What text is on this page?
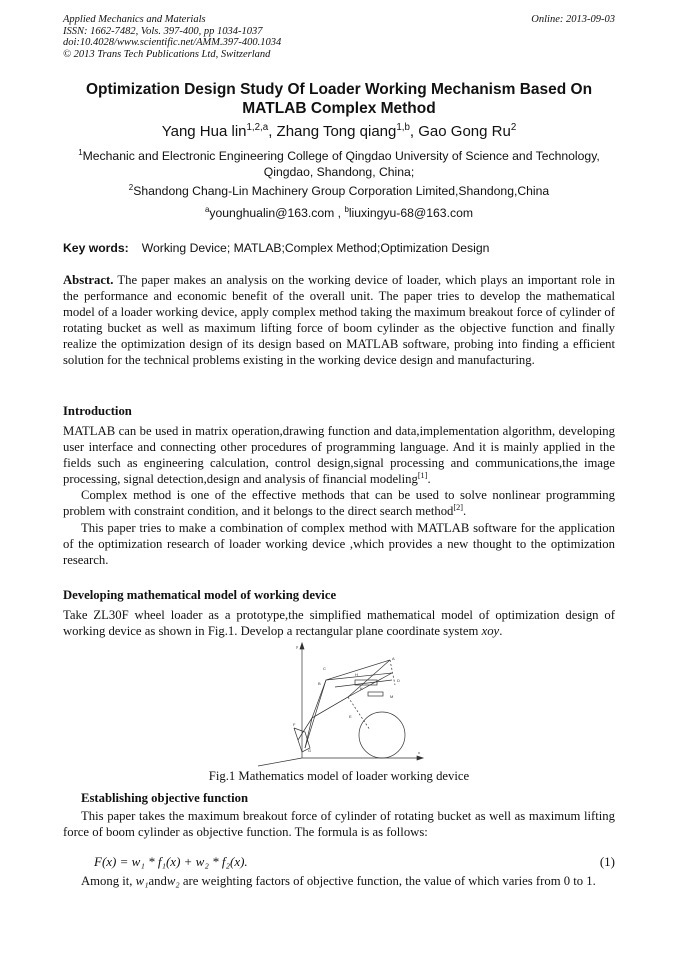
Applied Mechanics and Materials
ISSN: 1662-7482, Vols. 397-400, pp 1034-1037
doi:10.4028/www.scientific.net/AMM.397-400.1034
© 2013 Trans Tech Publications Ltd, Switzerland
Online: 2013-09-03
Optimization Design Study Of Loader Working Mechanism Based On
MATLAB Complex Method
Yang Hua lin$^{1,2,a}$, Zhang Tong qiang$^{1,b}$, Gao Gong Ru$^2$
$^1$Mechanic and Electronic Engineering College of Qingdao University of Science and Technology,
Qingdao, Shandong, China;
$^2$Shandong Chang-Lin Machinery Group Corporation Limited,Shandong,China
$^a$younghualin@163.com , $^b$liuxingyu-68@163.com
Key words: Working Device; MATLAB;Complex Method;Optimization Design
Abstract. The paper makes an analysis on the working device of loader, which plays an important role in the performance and economic benefit of the overall unit. The paper tries to develop the mathematical model of a loader working device, apply complex method taking the maximum breakout force of cylinder of rotating bucket as well as maximum lifting force of boom cylinder as the objective function and finally realize the optimization design of its design based on MATLAB software, probing into finding a efficient solution for the technical problems existing in the working device design and manufacturing.
Introduction

MATLAB can be used in matrix operation,drawing function and data,implementation algorithm, developing user interface and connecting other procedures of programming language. And it is mainly applied in the fields such as engineering calculation, control design,signal processing and communications,the image processing, signal detection,design and analysis of financial modeling[1].

Complex method is one of the effective methods that can be used to solve nonlinear programming problem with constraint condition, and it belongs to the direct search method[2].

This paper tries to make a combination of complex method with MATLAB software for the application of the optimization research of loader working device ,which provides a new thought to the optimization research.

Developing mathematical model of working device
Take ZL30F wheel loader as a prototype,the simplified mathematical model of optimization design of working device as shown in Fig.1. Develop a rectangular plane coordinate system xoy.
C
A
B
D
H
E
G
F
K
M
x
y
Fig.1 Mathematics model of loader working device
Establishing objective function

This paper takes the maximum breakout force of cylinder of rotating bucket as well as maximum lifting force of boom cylinder as objective function. The formula is as follows:

F(x) = w₁ * f₁(x) + w₂ * f₂(x).	(1)
Among it, w₁andw₂ are weighting factors of objective function, the value of which varies from 0 to 1.
